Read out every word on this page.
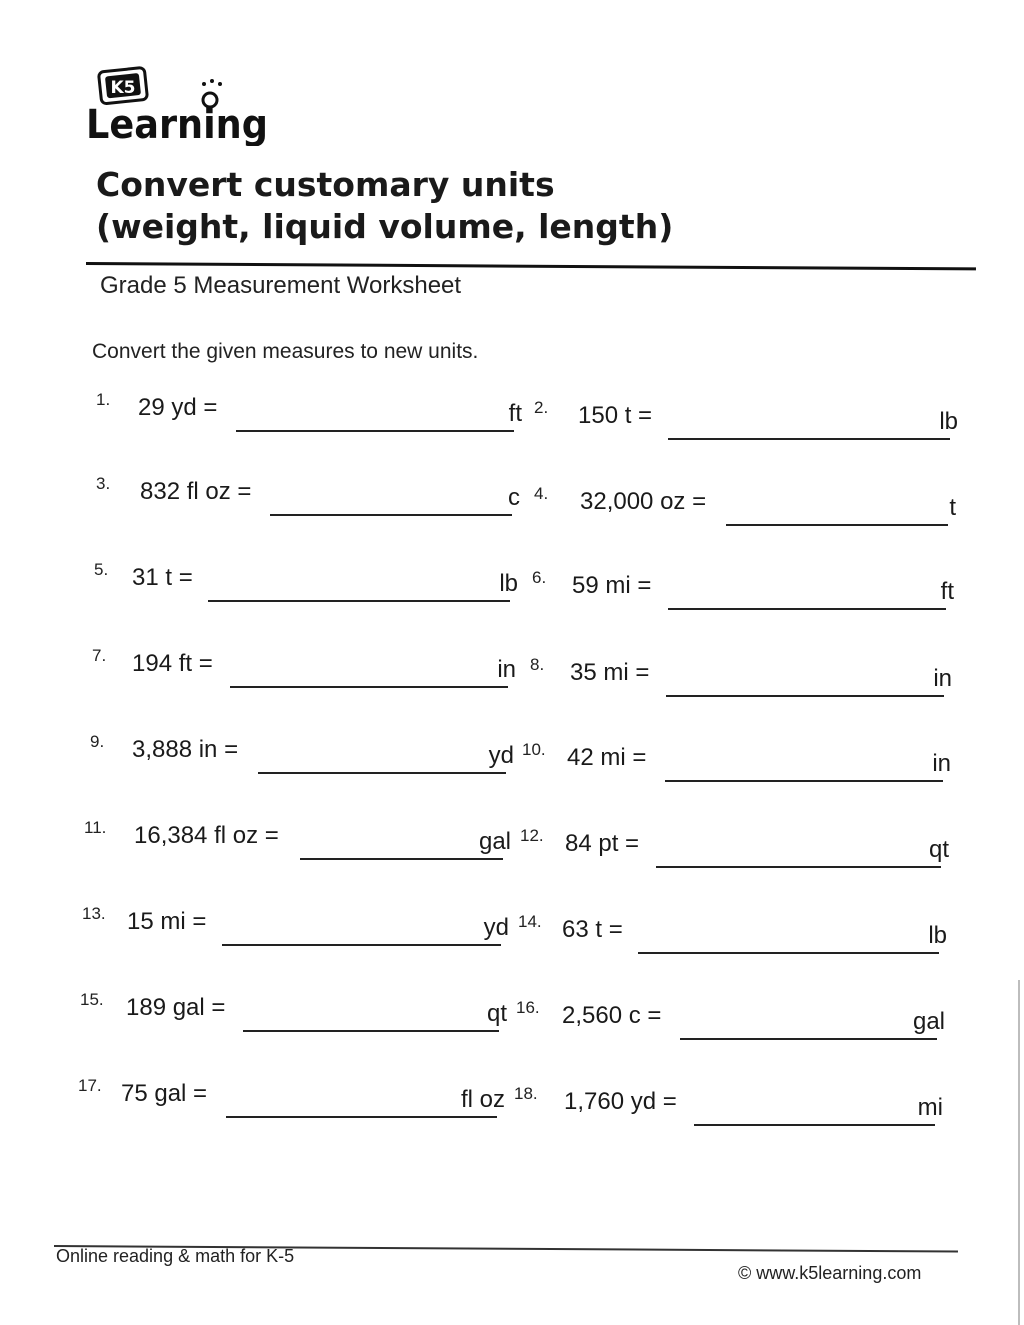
K5
Learning
Convert customary units
(weight, liquid volume, length)
Grade 5 Measurement Worksheet
Convert the given measures to new units.
1. 29 yd =	ft 2. 150 t =	lb
3. 832 fl oz =	c 4. 32,000 oz =	t
5. 31 t =	lb 6. 59 mi =	ft
7. 194 ft =	in 8. 35 mi =	in
9. 3,888 in =	yd 10. 42 mi =	in
11. 16,384 fl oz =	gal 12. 84 pt =	qt
13. 15 mi =	yd 14. 63 t =	lb
15. 189 gal =	qt 16. 2,560 c =	gal
17. 75 gal =	fl oz 18. 1,760 yd =	mi
Online reading & math for K-5
© www.k5learning.com
